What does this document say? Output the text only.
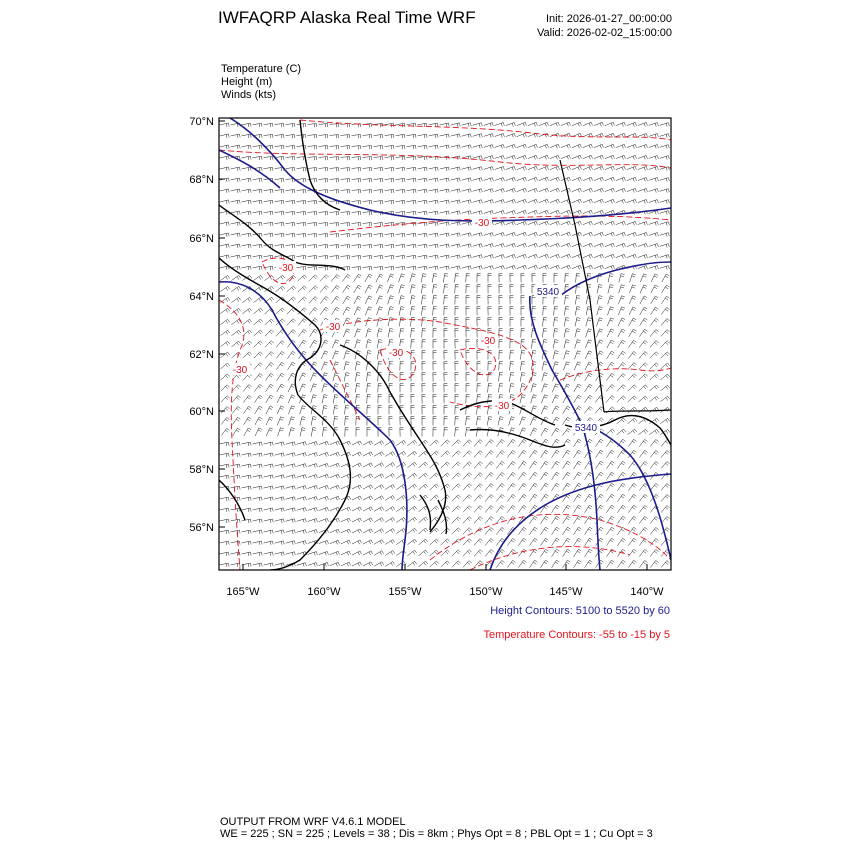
IWFAQRP Alaska Real Time WRF	Init: 2026-01-27_00:00:00
Valid: 2026-02-02_15:00:00
Temperature (C)
Height (m)
Winds (kts)
-30
-30
-30
-30
-30
-30
-30
5340
5340
70°N
68°N
66°N
64°N
62°N
60°N
58°N
56°N
165°W	160°W	155°W	150°W	145°W	140°W
Height Contours: 5100 to 5520 by 60
Temperature Contours: -55 to -15 by 5
OUTPUT FROM WRF V4.6.1 MODEL
WE = 225 ; SN = 225 ; Levels = 38 ; Dis = 8km ; Phys Opt = 8 ; PBL Opt = 1 ; Cu Opt = 3
